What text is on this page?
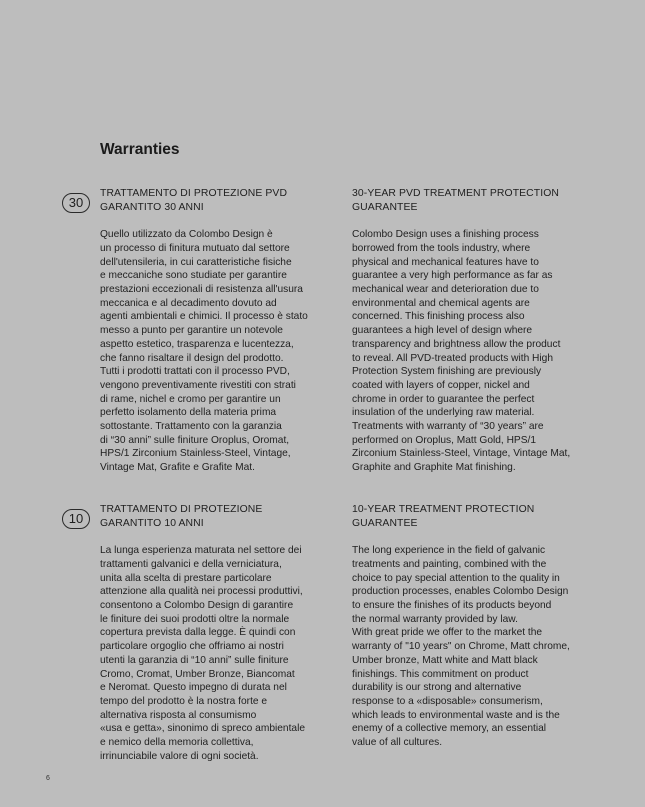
Warranties
30

TRATTAMENTO DI PROTEZIONE PVD
GARANTITO 30 ANNI

Quello utilizzato da Colombo Design è
un processo di finitura mutuato dal settore
dell'utensileria, in cui caratteristiche fisiche
e meccaniche sono studiate per garantire
prestazioni eccezionali di resistenza all'usura
meccanica e al decadimento dovuto ad
agenti ambientali e chimici. Il processo è stato
messo a punto per garantire un notevole
aspetto estetico, trasparenza e lucentezza,
che fanno risaltare il design del prodotto.
Tutti i prodotti trattati con il processo PVD,
vengono preventivamente rivestiti con strati
di rame, nichel e cromo per garantire un
perfetto isolamento della materia prima
sottostante. Trattamento con la garanzia
di “30 anni” sulle finiture Oroplus, Oromat,
HPS/1 Zirconium Stainless-Steel, Vintage,
Vintage Mat, Grafite e Grafite Mat.

30-YEAR PVD TREATMENT PROTECTION
GUARANTEE

Colombo Design uses a finishing process
borrowed from the tools industry, where
physical and mechanical features have to
guarantee a very high performance as far as
mechanical wear and deterioration due to
environmental and chemical agents are
concerned. This finishing process also
guarantees a high level of design where
transparency and brightness allow the product
to reveal. All PVD-treated products with High
Protection System finishing are previously
coated with layers of copper, nickel and
chrome in order to guarantee the perfect
insulation of the underlying raw material.
Treatments with warranty of “30 years” are
performed on Oroplus, Matt Gold, HPS/1
Zirconium Stainless-Steel, Vintage, Vintage Mat,
Graphite and Graphite Mat finishing.

10

TRATTAMENTO DI PROTEZIONE
GARANTITO 10 ANNI

La lunga esperienza maturata nel settore dei
trattamenti galvanici e della verniciatura,
unita alla scelta di prestare particolare
attenzione alla qualità nei processi produttivi,
consentono a Colombo Design di garantire
le finiture dei suoi prodotti oltre la normale
copertura prevista dalla legge. È quindi con
particolare orgoglio che offriamo ai nostri
utenti la garanzia di “10 anni” sulle finiture
Cromo, Cromat, Umber Bronze, Biancomat
e Neromat. Questo impegno di durata nel
tempo del prodotto è la nostra forte e
alternativa risposta al consumismo
«usa e getta», sinonimo di spreco ambientale
e nemico della memoria collettiva,
irrinunciabile valore di ogni società.

10-YEAR TREATMENT PROTECTION
GUARANTEE

The long experience in the field of galvanic
treatments and painting, combined with the
choice to pay special attention to the quality in
production processes, enables Colombo Design
to ensure the finishes of its products beyond
the normal warranty provided by law.
With great pride we offer to the market the
warranty of "10 years" on Chrome, Matt chrome,
Umber bronze, Matt white and Matt black
finishings. This commitment on product
durability is our strong and alternative
response to a «disposable» consumerism,
which leads to environmental waste and is the
enemy of a collective memory, an essential
value of all cultures.

6
